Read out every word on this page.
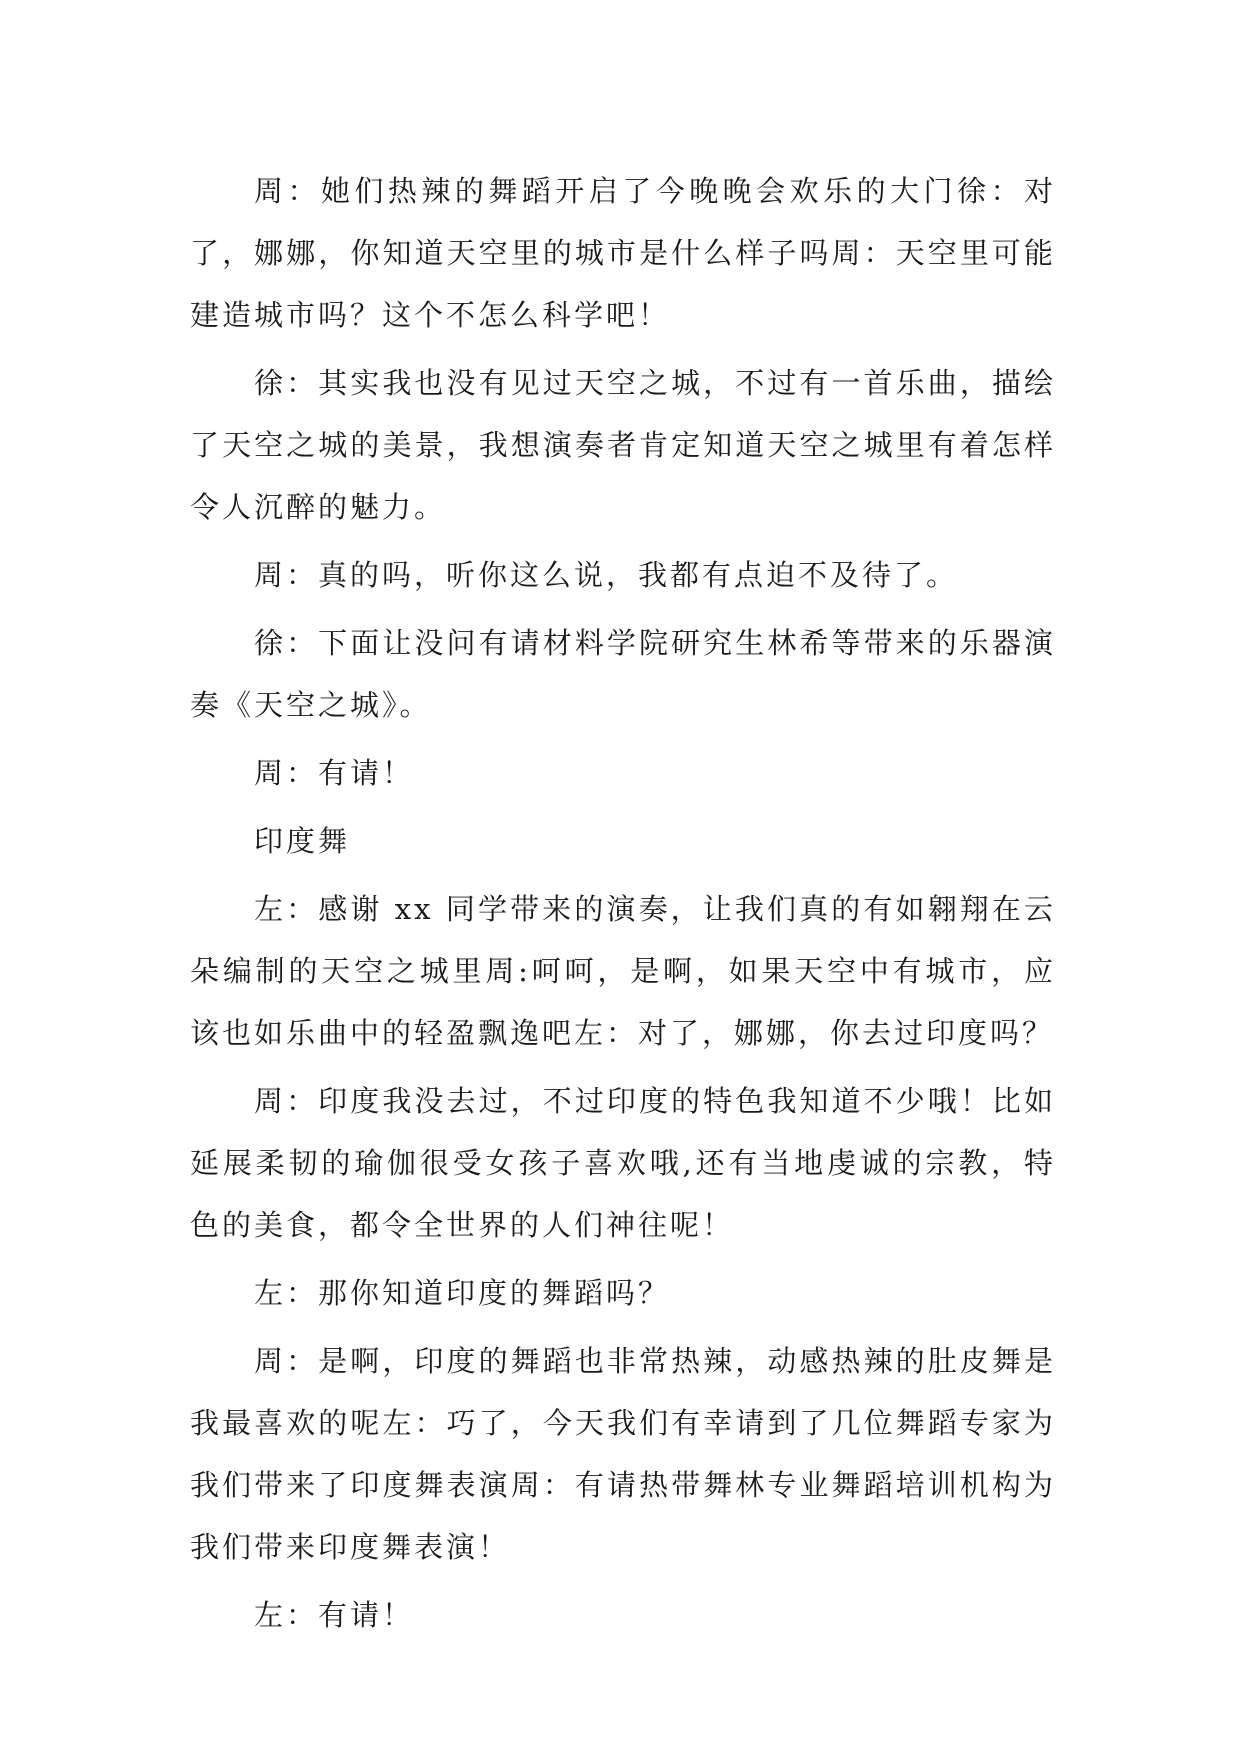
周：她们热辣的舞蹈开启了今晚晚会欢乐的大门徐：对了，娜娜，你知道天空里的城市是什么样子吗周：天空里可能建造城市吗？这个不怎么科学吧！

徐：其实我也没有见过天空之城，不过有一首乐曲，描绘了天空之城的美景，我想演奏者肯定知道天空之城里有着怎样令人沉醉的魅力。

周：真的吗，听你这么说，我都有点迫不及待了。

徐：下面让没问有请材料学院研究生林希等带来的乐器演奏《天空之城》。

周：有请！

印度舞

左：感谢 xx 同学带来的演奏，让我们真的有如翱翔在云朵编制的天空之城里周:呵呵，是啊，如果天空中有城市，应该也如乐曲中的轻盈飘逸吧左：对了，娜娜，你去过印度吗？

周：印度我没去过，不过印度的特色我知道不少哦！比如延展柔韧的瑜伽很受女孩子喜欢哦,还有当地虔诚的宗教，特色的美食，都令全世界的人们神往呢！

左：那你知道印度的舞蹈吗？

周：是啊，印度的舞蹈也非常热辣，动感热辣的肚皮舞是我最喜欢的呢左：巧了，今天我们有幸请到了几位舞蹈专家为我们带来了印度舞表演周：有请热带舞林专业舞蹈培训机构为我们带来印度舞表演！

左：有请！
